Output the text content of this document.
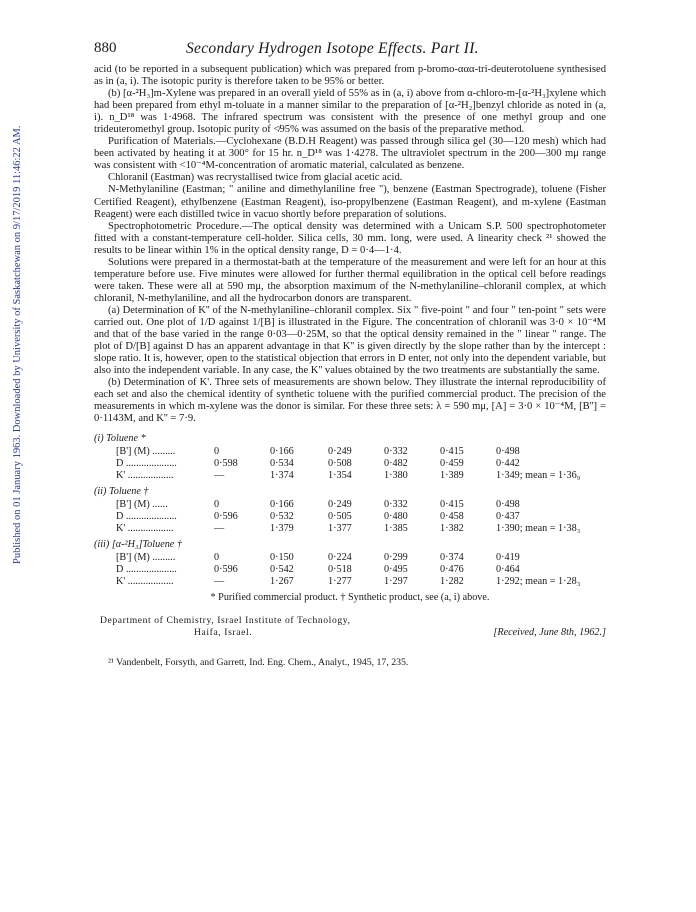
Published on 01 January 1963. Downloaded by University of Saskatchewan on 9/17/2019 11:46:22 AM.
880	Secondary Hydrogen Isotope Effects. Part II.

acid (to be reported in a subsequent publication) which was prepared from p-bromo-ααα-tri-deuterotoluene synthesised as in (a, i). The isotopic purity is therefore taken to be 95% or better.

(b) [α-²H₃]m-Xylene was prepared in an overall yield of 55% as in (a, i) above from α-chloro-m-[α-²H₃]xylene which had been prepared from ethyl m-toluate in a manner similar to the preparation of [α-²H₂]benzyl chloride as noted in (a, i). n_D¹⁸ was 1·4968. The infrared spectrum was consistent with the presence of one methyl group and one trideuteromethyl group. Isotopic purity of ≮95% was assumed on the basis of the preparative method.

Purification of Materials.—Cyclohexane (B.D.H Reagent) was passed through silica gel (30—120 mesh) which had been activated by heating it at 300° for 15 hr. n_D¹⁸ was 1·4278. The ultraviolet spectrum in the 200—300 mμ range was consistent with <10⁻⁴M-concentration of aromatic material, calculated as benzene.

Chloranil (Eastman) was recrystallised twice from glacial acetic acid.

N-Methylaniline (Eastman; " aniline and dimethylaniline free "), benzene (Eastman Spectrograde), toluene (Fisher Certified Reagent), ethylbenzene (Eastman Reagent), iso-propylbenzene (Eastman Reagent), and m-xylene (Eastman Reagent) were each distilled twice in vacuo shortly before preparation of solutions.

Spectrophotometric Procedure.—The optical density was determined with a Unicam S.P. 500 spectrophotometer fitted with a constant-temperature cell-holder. Silica cells, 30 mm. long, were used. A linearity check ²¹ showed the results to be linear within 1% in the optical density range, D = 0·4—1·4.

Solutions were prepared in a thermostat-bath at the temperature of the measurement and were left for an hour at this temperature before use. Five minutes were allowed for further thermal equilibration in the optical cell before readings were taken. These were all at 590 mμ, the absorption maximum of the N-methylaniline–chloranil complex, at which chloranil, N-methylaniline, and all the hydrocarbon donors are transparent.

(a) Determination of K'' of the N-methylaniline–chloranil complex. Six " five-point " and four " ten-point " sets were carried out. One plot of 1/D against 1/[B] is illustrated in the Figure. The concentration of chloranil was 3·0 × 10⁻⁴M and that of the base varied in the range 0·03—0·25M, so that the optical density remained in the " linear " range. The plot of D/[B] against D has an apparent advantage in that K'' is given directly by the slope rather than by the intercept : slope ratio. It is, however, open to the statistical objection that errors in D enter, not only into the dependent variable, but also into the independent variable. In any case, the K'' values obtained by the two treatments are substantially the same.

(b) Determination of K'. Three sets of measurements are shown below. They illustrate the internal reproducibility of each set and also the chemical identity of synthetic toluene with the purified commercial product. The precision of the measurements in which m-xylene was the donor is similar. For these three sets: λ = 590 mμ, [A] = 3·0 × 10⁻⁴M, [B''] = 0·1143M, and K'' = 7·9.

(i) Toluene *
[B'] (M) .........	0	0·166	0·249	0·332	0·415	0·498
D ....................	0·598	0·534	0·508	0·482	0·459	0·442
K' ..................	—	1·374	1·354	1·380	1·389	1·349; mean = 1·36₉
(ii) Toluene †
[B'] (M) ......	0	0·166	0·249	0·332	0·415	0·498
D ....................	0·596	0·532	0·505	0·480	0·458	0·437
K' ..................	—	1·379	1·377	1·385	1·382	1·390; mean = 1·38₃
(iii) [α-²H₃]Toluene †
[B'] (M) .........	0	0·150	0·224	0·299	0·374	0·419
D ....................	0·596	0·542	0·518	0·495	0·476	0·464
K' ..................	—	1·267	1·277	1·297	1·282	1·292; mean = 1·28₃
* Purified commercial product. † Synthetic product, see (a, i) above.
Department of Chemistry, Israel Institute of Technology,
Haifa, Israel.	[Received, June 8th, 1962.]
²¹ Vandenbelt, Forsyth, and Garrett, Ind. Eng. Chem., Analyt., 1945, 17, 235.
